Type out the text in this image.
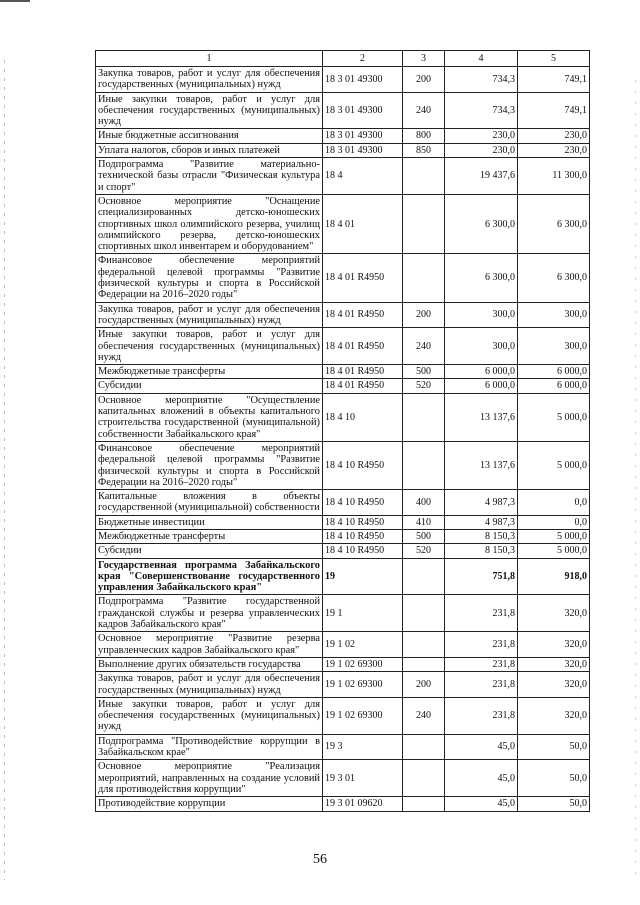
1	2	3	4	5
Закупка товаров, работ и услуг для обеспечения государственных (муниципальных) нужд	18 3 01 49300	200	734,3	749,1
Иные закупки товаров, работ и услуг для обеспечения государственных (муниципальных) нужд	18 3 01 49300	240	734,3	749,1
Иные бюджетные ассигнования	18 3 01 49300	800	230,0	230,0
Уплата налогов, сборов и иных платежей	18 3 01 49300	850	230,0	230,0
Подпрограмма "Развитие материально-технической базы отрасли "Физическая культура и спорт"	18 4		19 437,6	11 300,0
Основное мероприятие "Оснащение специализированных детско-юношеских спортивных школ олимпийского резерва, училищ олимпийского резерва, детско-юношеских спортивных школ инвентарем и оборудованием"	18 4 01		6 300,0	6 300,0
Финансовое обеспечение мероприятий федеральной целевой программы "Развитие физической культуры и спорта в Российской Федерации на 2016–2020 годы"	18 4 01 R4950		6 300,0	6 300,0
Закупка товаров, работ и услуг для обеспечения государственных (муниципальных) нужд	18 4 01 R4950	200	300,0	300,0
Иные закупки товаров, работ и услуг для обеспечения государственных (муниципальных) нужд	18 4 01 R4950	240	300,0	300,0
Межбюджетные трансферты	18 4 01 R4950	500	6 000,0	6 000,0
Субсидии	18 4 01 R4950	520	6 000,0	6 000,0
Основное мероприятие "Осуществление капитальных вложений в объекты капитального строительства государственной (муниципальной) собственности Забайкальского края"	18 4 10		13 137,6	5 000,0
Финансовое обеспечение мероприятий федеральной целевой программы "Развитие физической культуры и спорта в Российской Федерации на 2016–2020 годы"	18 4 10 R4950		13 137,6	5 000,0
Капитальные вложения в объекты государственной (муниципальной) собственности	18 4 10 R4950	400	4 987,3	0,0
Бюджетные инвестиции	18 4 10 R4950	410	4 987,3	0,0
Межбюджетные трансферты	18 4 10 R4950	500	8 150,3	5 000,0
Субсидии	18 4 10 R4950	520	8 150,3	5 000,0
Государственная программа Забайкальского края "Совершенствование государственного управления Забайкальского края"	19		751,8	918,0
Подпрограмма "Развитие государственной гражданской службы и резерва управленческих кадров Забайкальского края"	19 1		231,8	320,0
Основное мероприятие "Развитие резерва управленческих кадров Забайкальского края"	19 1 02		231,8	320,0
Выполнение других обязательств государства	19 1 02 69300		231,8	320,0
Закупка товаров, работ и услуг для обеспечения государственных (муниципальных) нужд	19 1 02 69300	200	231,8	320,0
Иные закупки товаров, работ и услуг для обеспечения государственных (муниципальных) нужд	19 1 02 69300	240	231,8	320,0
Подпрограмма "Противодействие коррупции в Забайкальском крае"	19 3		45,0	50,0
Основное мероприятие "Реализация мероприятий, направленных на создание условий для противодействия коррупции"	19 3 01		45,0	50,0
Противодействие коррупции	19 3 01 09620		45,0	50,0
56
